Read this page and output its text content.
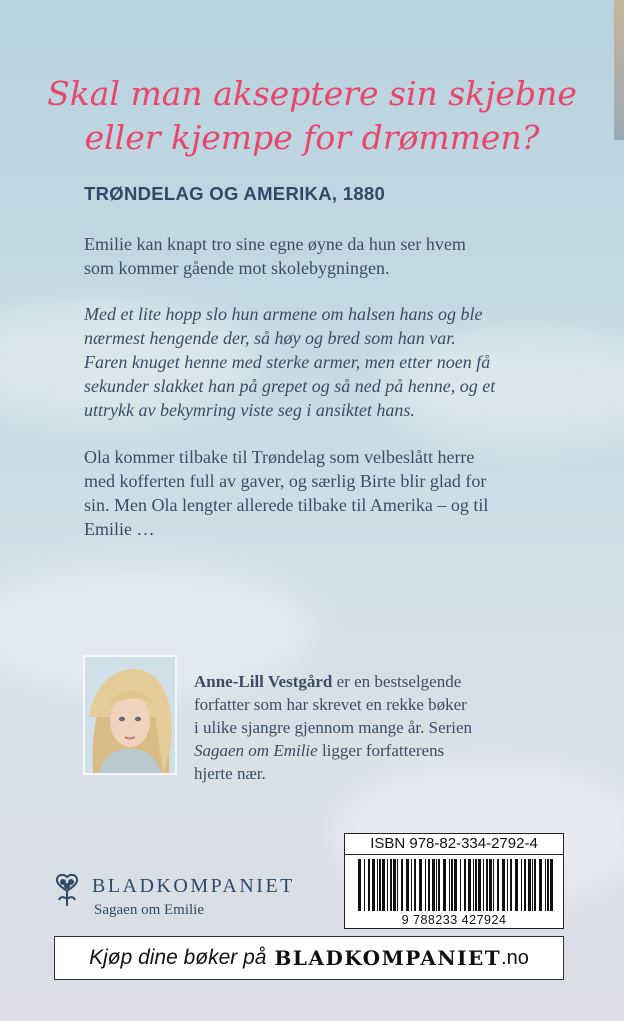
Skal man akseptere sin skjebne
eller kjempe for drømmen?
TRØNDELAG OG AMERIKA, 1880
Emilie kan knapt tro sine egne øyne da hun ser hvem
som kommer gående mot skolebygningen.
Med et lite hopp slo hun armene om halsen hans og ble
nærmest hengende der, så høy og bred som han var.
Faren knuget henne med sterke armer, men etter noen få
sekunder slakket han på grepet og så ned på henne, og et
uttrykk av bekymring viste seg i ansiktet hans.
Ola kommer tilbake til Trøndelag som velbeslått herre
med kofferten full av gaver, og særlig Birte blir glad for
sin. Men Ola lengter allerede tilbake til Amerika – og til
Emilie …
Anne-Lill Vestgård er en bestselgende
forfatter som har skrevet en rekke bøker
i ulike sjangre gjennom mange år. Serien
Sagaen om Emilie ligger forfatterens
hjerte nær.
ISBN 978-82-334-2792-4
9 788233 427924
BLADKOMPANIET
Sagaen om Emilie
Kjøp dine bøker på BLADKOMPANIET .no
